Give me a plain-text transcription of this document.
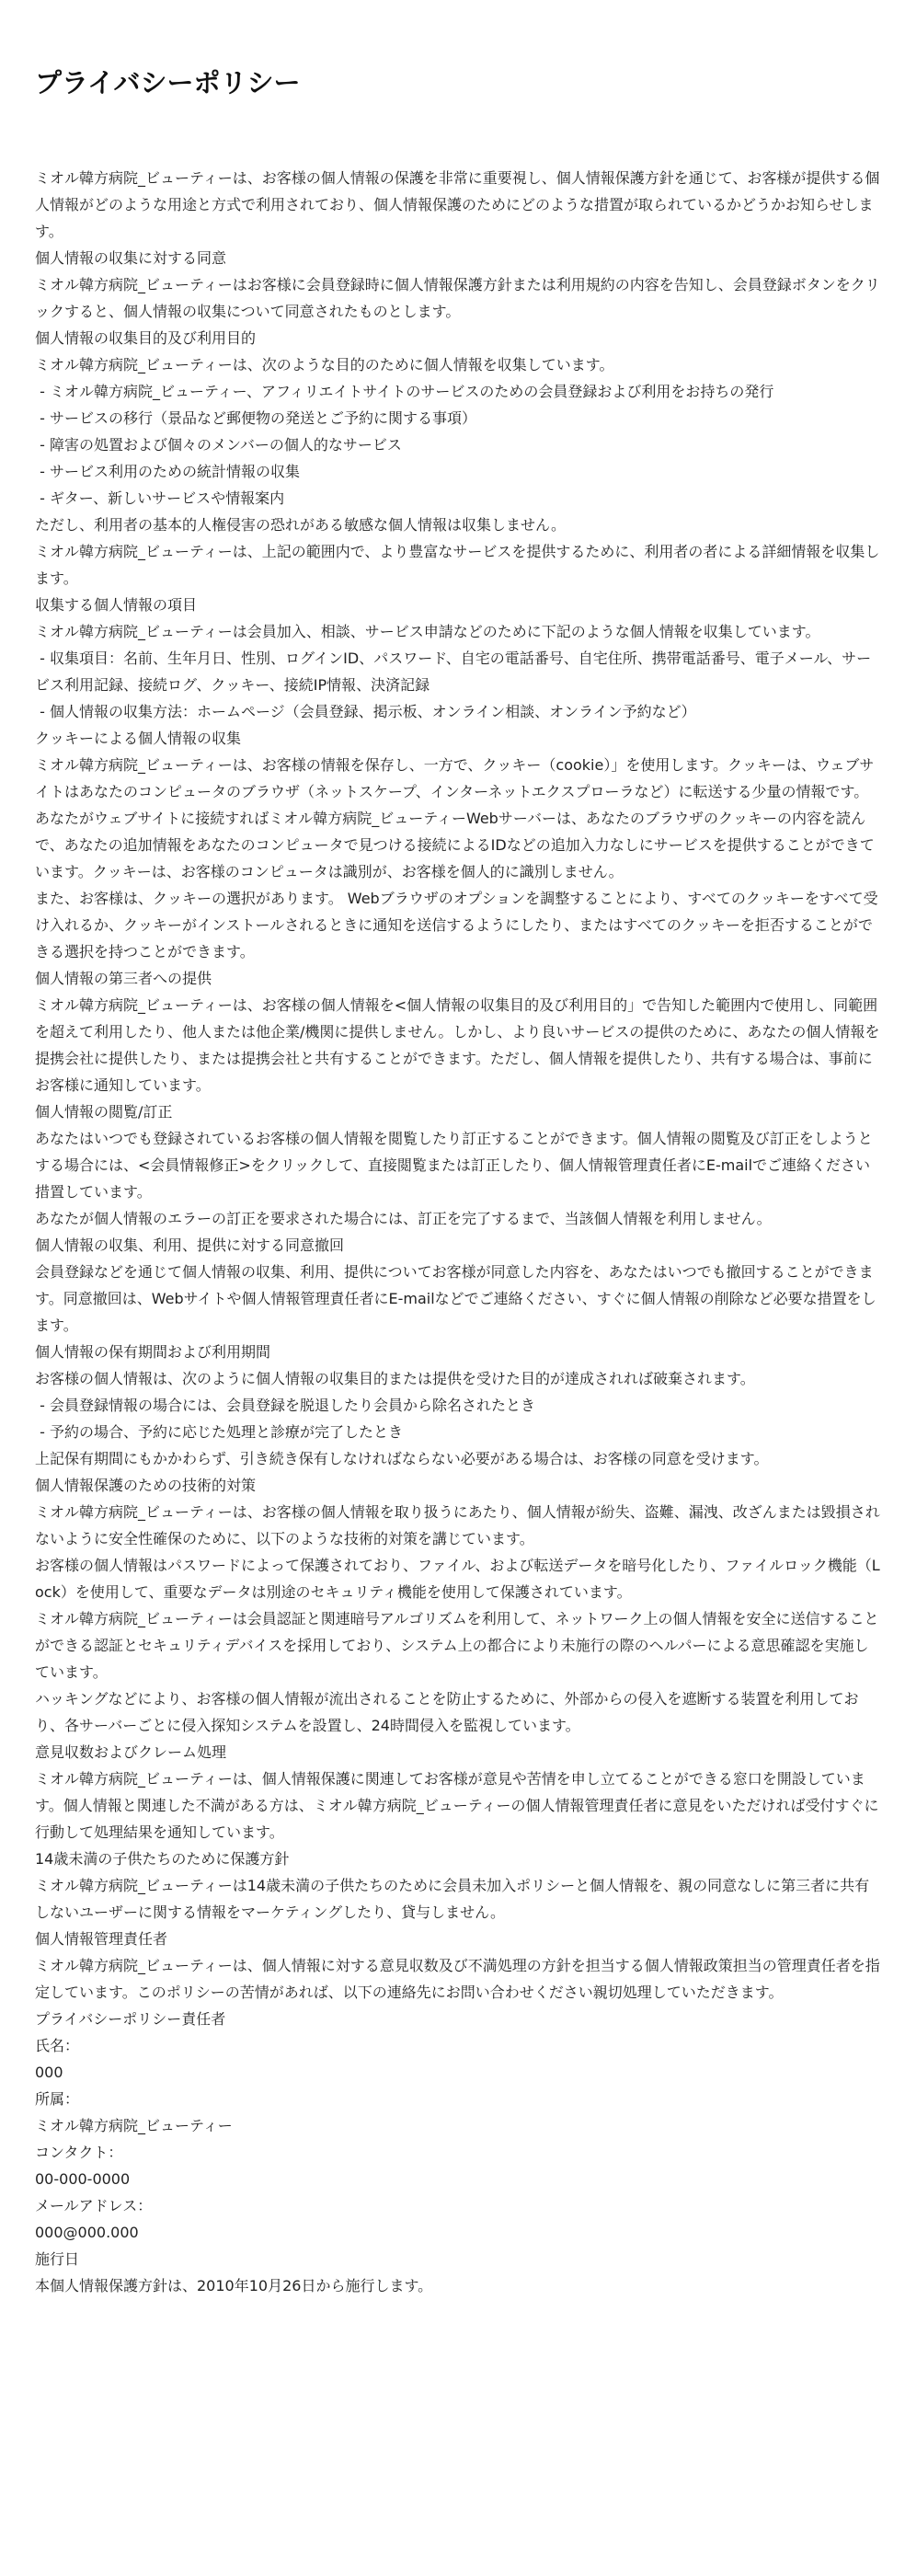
プライバシーポリシー
ミオル韓方病院_ビューティーは、お客様の個人情報の保護を非常に重要視し、個人情報保護方針を通じて、お客様が提供する個人情報がどのような用途と方式で利用されており、個人情報保護のためにどのような措置が取られているかどうかお知らせします。
個人情報の収集に対する同意
ミオル韓方病院_ビューティーはお客様に会員登録時に個人情報保護方針または利用規約の内容を告知し、会員登録ボタンをクリックすると、個人情報の収集について同意されたものとします。
個人情報の収集目的及び利用目的
ミオル韓方病院_ビューティーは、次のような目的のために個人情報を収集しています。
- ミオル韓方病院_ビューティー、アフィリエイトサイトのサービスのための会員登録および利用をお持ちの発行
- サービスの移行（景品など郵便物の発送とご予約に関する事項）
- 障害の処置および個々のメンバーの個人的なサービス
- サービス利用のための統計情報の収集
- ギター、新しいサービスや情報案内
ただし、利用者の基本的人権侵害の恐れがある敏感な個人情報は収集しません。
ミオル韓方病院_ビューティーは、上記の範囲内で、より豊富なサービスを提供するために、利用者の者による詳細情報を収集します。
収集する個人情報の項目
ミオル韓方病院_ビューティーは会員加入、相談、サービス申請などのために下記のような個人情報を収集しています。
- 収集項目：名前、生年月日、性別、ログインID、パスワード、自宅の電話番号、自宅住所、携帯電話番号、電子メール、サービス利用記録、接続ログ、クッキー、接続IP情報、決済記録
- 個人情報の収集方法：ホームページ（会員登録、掲示板、オンライン相談、オンライン予約など）
クッキーによる個人情報の収集
ミオル韓方病院_ビューティーは、お客様の情報を保存し、一方で、クッキー（cookie）」を使用します。クッキーは、ウェブサイトはあなたのコンピュータのブラウザ（ネットスケープ、インターネットエクスプローラなど）に転送する少量の情報です。あなたがウェブサイトに接続すればミオル韓方病院_ビューティーWebサーバーは、あなたのブラウザのクッキーの内容を読んで、あなたの追加情報をあなたのコンピュータで見つける接続によるIDなどの追加入力なしにサービスを提供することができています。クッキーは、お客様のコンピュータは識別が、お客様を個人的に識別しません。
また、お客様は、クッキーの選択があります。 Webブラウザのオプションを調整することにより、すべてのクッキーをすべて受け入れるか、クッキーがインストールされるときに通知を送信するようにしたり、またはすべてのクッキーを拒否することができる選択を持つことができます。
個人情報の第三者への提供
ミオル韓方病院_ビューティーは、お客様の個人情報を<個人情報の収集目的及び利用目的」で告知した範囲内で使用し、同範囲を超えて利用したり、他人または他企業/機関に提供しません。しかし、より良いサービスの提供のために、あなたの個人情報を提携会社に提供したり、または提携会社と共有することができます。ただし、個人情報を提供したり、共有する場合は、事前にお客様に通知しています。
個人情報の閲覧/訂正
あなたはいつでも登録されているお客様の個人情報を閲覧したり訂正することができます。個人情報の閲覧及び訂正をしようとする場合には、<会員情報修正>をクリックして、直接閲覧または訂正したり、個人情報管理責任者にE-mailでご連絡ください措置しています。
あなたが個人情報のエラーの訂正を要求された場合には、訂正を完了するまで、当該個人情報を利用しません。
個人情報の収集、利用、提供に対する同意撤回
会員登録などを通じて個人情報の収集、利用、提供についてお客様が同意した内容を、あなたはいつでも撤回することができます。同意撤回は、Webサイトや個人情報管理責任者にE-mailなどでご連絡ください、すぐに個人情報の削除など必要な措置をします。
個人情報の保有期間および利用期間
お客様の個人情報は、次のように個人情報の収集目的または提供を受けた目的が達成されれば破棄されます。
- 会員登録情報の場合には、会員登録を脱退したり会員から除名されたとき
- 予約の場合、予約に応じた処理と診療が完了したとき
上記保有期間にもかかわらず、引き続き保有しなければならない必要がある場合は、お客様の同意を受けます。
個人情報保護のための技術的対策
ミオル韓方病院_ビューティーは、お客様の個人情報を取り扱うにあたり、個人情報が紛失、盗難、漏洩、改ざんまたは毀損されないように安全性確保のために、以下のような技術的対策を講じています。
お客様の個人情報はパスワードによって保護されており、ファイル、および転送データを暗号化したり、ファイルロック機能（Lock）を使用して、重要なデータは別途のセキュリティ機能を使用して保護されています。
ミオル韓方病院_ビューティーは会員認証と関連暗号アルゴリズムを利用して、ネットワーク上の個人情報を安全に送信することができる認証とセキュリティデバイスを採用しており、システム上の都合により未施行の際のヘルパーによる意思確認を実施しています。
ハッキングなどにより、お客様の個人情報が流出されることを防止するために、外部からの侵入を遮断する装置を利用しており、各サーバーごとに侵入探知システムを設置し、24時間侵入を監視しています。
意見収数およびクレーム処理
ミオル韓方病院_ビューティーは、個人情報保護に関連してお客様が意見や苦情を申し立てることができる窓口を開設しています。個人情報と関連した不満がある方は、ミオル韓方病院_ビューティーの個人情報管理責任者に意見をいただければ受付すぐに行動して処理結果を通知しています。
14歳未満の子供たちのために保護方針
ミオル韓方病院_ビューティーは14歳未満の子供たちのために会員未加入ポリシーと個人情報を、親の同意なしに第三者に共有しないユーザーに関する情報をマーケティングしたり、貸与しません。
個人情報管理責任者
ミオル韓方病院_ビューティーは、個人情報に対する意見収数及び不満処理の方針を担当する個人情報政策担当の管理責任者を指定しています。このポリシーの苦情があれば、以下の連絡先にお問い合わせください親切処理していただきます。
プライバシーポリシー責任者
氏名：
000
所属：
ミオル韓方病院_ビューティー
コンタクト：
00-000-0000
メールアドレス：
000@000.000
施行日
本個人情報保護方針は、2010年10月26日から施行します。
